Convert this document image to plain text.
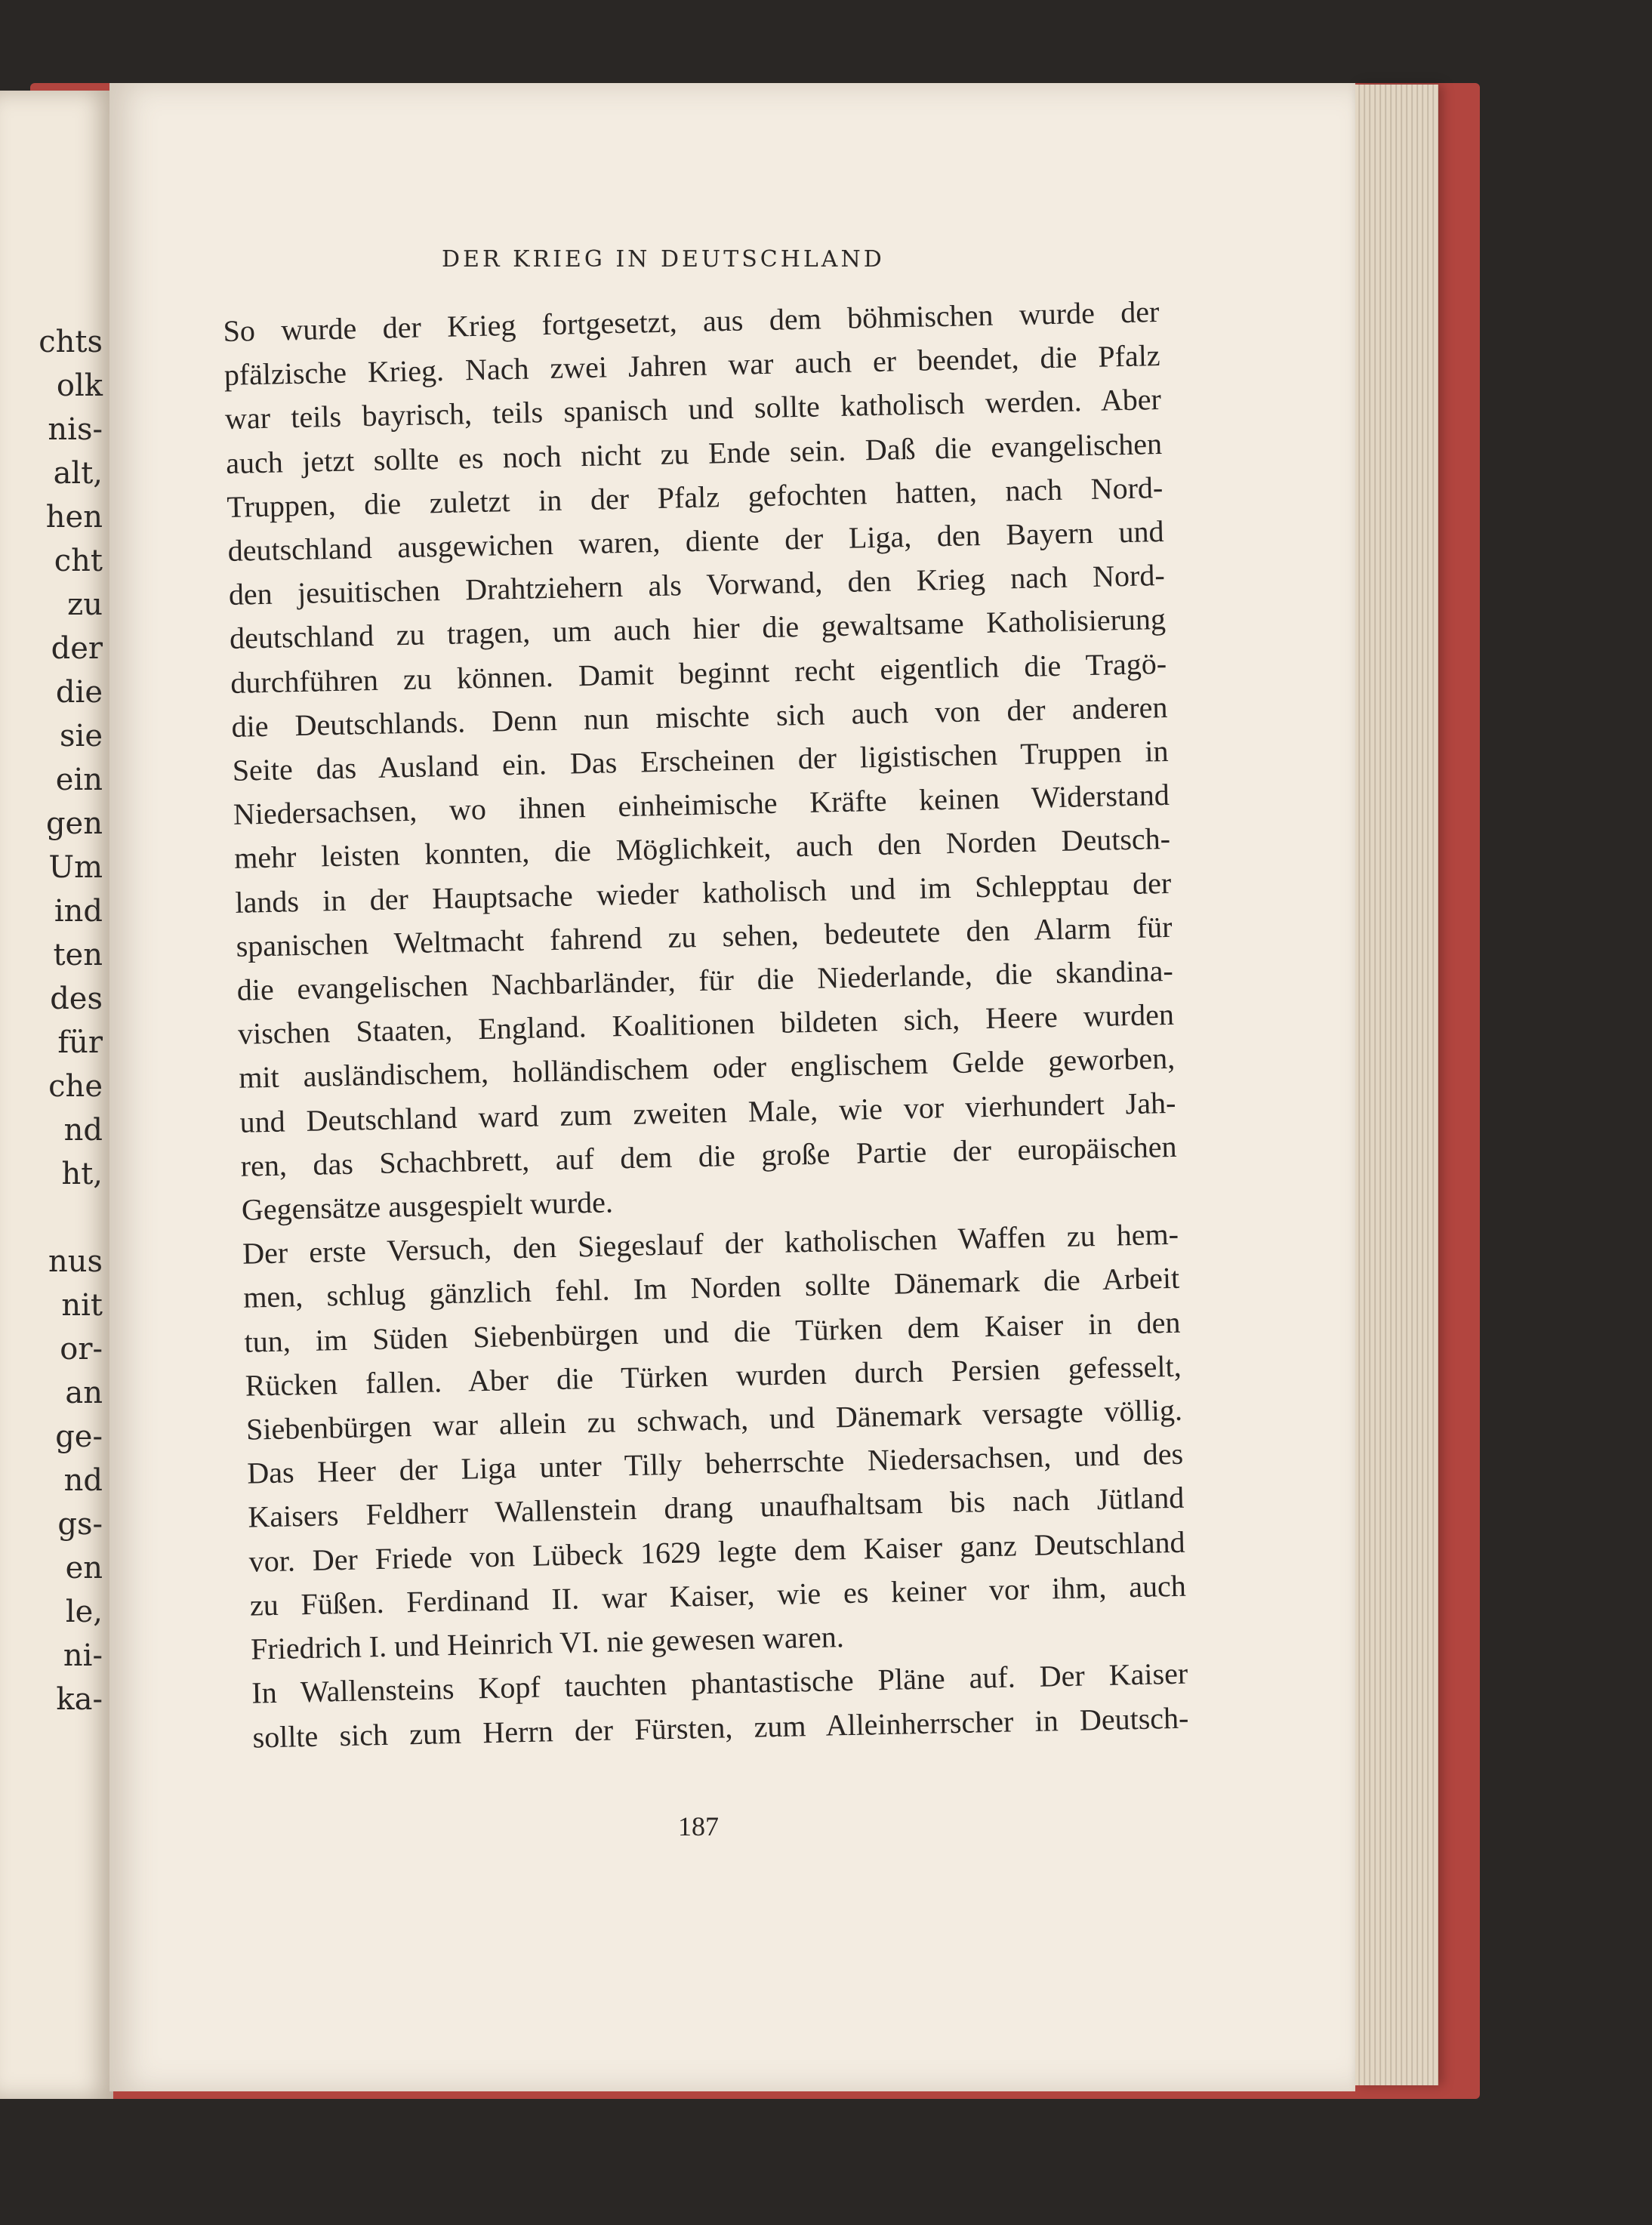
chts
olk
nis-
alt,
hen
cht
zu
der
die
sie
ein
gen
Um
ind
ten
des
für
che
nd
ht,
nus
nit
or-
an
ge-
nd
gs-
en
le,
ni-
ka-
DER KRIEG IN DEUTSCHLAND
So wurde der Krieg fortgesetzt, aus dem böhmischen wurde der
pfälzische Krieg. Nach zwei Jahren war auch er beendet, die Pfalz
war teils bayrisch, teils spanisch und sollte katholisch werden. Aber
auch jetzt sollte es noch nicht zu Ende sein. Daß die evangelischen
Truppen, die zuletzt in der Pfalz gefochten hatten, nach Nord-
deutschland ausgewichen waren, diente der Liga, den Bayern und
den jesuitischen Drahtziehern als Vorwand, den Krieg nach Nord-
deutschland zu tragen, um auch hier die gewaltsame Katholisierung
durchführen zu können. Damit beginnt recht eigentlich die Tragö-
die Deutschlands. Denn nun mischte sich auch von der anderen
Seite das Ausland ein. Das Erscheinen der ligistischen Truppen in
Niedersachsen, wo ihnen einheimische Kräfte keinen Widerstand
mehr leisten konnten, die Möglichkeit, auch den Norden Deutsch-
lands in der Hauptsache wieder katholisch und im Schlepptau der
spanischen Weltmacht fahrend zu sehen, bedeutete den Alarm für
die evangelischen Nachbarländer, für die Niederlande, die skandina-
vischen Staaten, England. Koalitionen bildeten sich, Heere wurden
mit ausländischem, holländischem oder englischem Gelde geworben,
und Deutschland ward zum zweiten Male, wie vor vierhundert Jah-
ren, das Schachbrett, auf dem die große Partie der europäischen
Gegensätze ausgespielt wurde.
Der erste Versuch, den Siegeslauf der katholischen Waffen zu hem-
men, schlug gänzlich fehl. Im Norden sollte Dänemark die Arbeit
tun, im Süden Siebenbürgen und die Türken dem Kaiser in den
Rücken fallen. Aber die Türken wurden durch Persien gefesselt,
Siebenbürgen war allein zu schwach, und Dänemark versagte völlig.
Das Heer der Liga unter Tilly beherrschte Niedersachsen, und des
Kaisers Feldherr Wallenstein drang unaufhaltsam bis nach Jütland
vor. Der Friede von Lübeck 1629 legte dem Kaiser ganz Deutschland
zu Füßen. Ferdinand II. war Kaiser, wie es keiner vor ihm, auch
Friedrich I. und Heinrich VI. nie gewesen waren.
In Wallensteins Kopf tauchten phantastische Pläne auf. Der Kaiser
sollte sich zum Herrn der Fürsten, zum Alleinherrscher in Deutsch-
187
